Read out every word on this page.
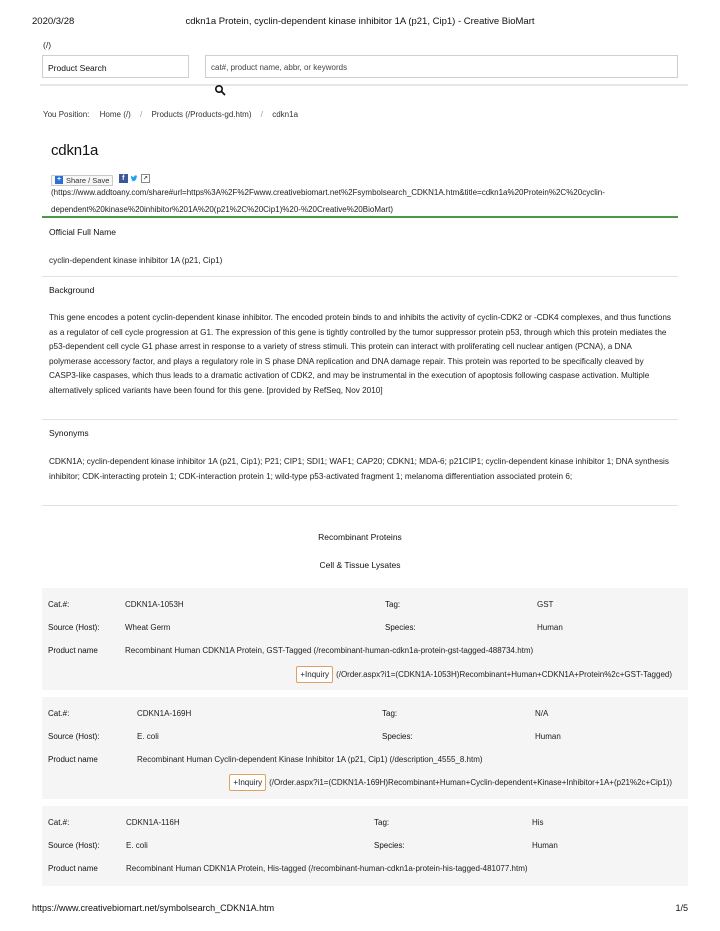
2020/3/28	cdkn1a Protein, cyclin-dependent kinase inhibitor 1A (p21, Cip1) - Creative BioMart
(/)
Product Search	cat#, product name, abbr, or keywords
You Position: Home (/) / Products (/Products-gd.htm) / cdkn1a
cdkn1a
+ Share / Save
	f	↗
(https://www.addtoany.com/share#url=https%3A%2F%2Fwww.creativebiomart.net%2Fsymbolsearch_CDKN1A.htm&title=cdkn1a%20Protein%2C%20cyclin-
dependent%20kinase%20inhibitor%201A%20(p21%2C%20Cip1)%20-%20Creative%20BioMart)
Official Full Name
cyclin-dependent kinase inhibitor 1A (p21, Cip1)
Background
This gene encodes a potent cyclin-dependent kinase inhibitor. The encoded protein binds to and inhibits the activity of cyclin-CDK2 or -CDK4 complexes, and thus functions as a regulator of cell cycle progression at G1. The expression of this gene is tightly controlled by the tumor suppressor protein p53, through which this protein mediates the p53-dependent cell cycle G1 phase arrest in response to a variety of stress stimuli. This protein can interact with proliferating cell nuclear antigen (PCNA), a DNA polymerase accessory factor, and plays a regulatory role in S phase DNA replication and DNA damage repair. This protein was reported to be specifically cleaved by CASP3-like caspases, which thus leads to a dramatic activation of CDK2, and may be instrumental in the execution of apoptosis following caspase activation. Multiple alternatively spliced variants have been found for this gene. [provided by RefSeq, Nov 2010]
Synonyms
CDKN1A; cyclin-dependent kinase inhibitor 1A (p21, Cip1); P21; CIP1; SDI1; WAF1; CAP20; CDKN1; MDA-6; p21CIP1; cyclin-dependent kinase inhibitor 1; DNA synthesis inhibitor; CDK-interacting protein 1; CDK-interaction protein 1; wild-type p53-activated fragment 1; melanoma differentiation associated protein 6;
Recombinant Proteins
Cell & Tissue Lysates
Cat.#:	CDKN1A-1053H	Tag:	GST
Source (Host):	Wheat Germ	Species:	Human
Product name	Recombinant Human CDKN1A Protein, GST-Tagged (/recombinant-human-cdkn1a-protein-gst-tagged-488734.htm)
+Inquiry (/Order.aspx?i1=(CDKN1A-1053H)Recombinant+Human+CDKN1A+Protein%2c+GST-Tagged)
Cat.#:	CDKN1A-169H	Tag:	N/A
Source (Host):	E. coli	Species:	Human
Product name	Recombinant Human Cyclin-dependent Kinase Inhibitor 1A (p21, Cip1) (/description_4555_8.htm)
+Inquiry (/Order.aspx?i1=(CDKN1A-169H)Recombinant+Human+Cyclin-dependent+Kinase+Inhibitor+1A+(p21%2c+Cip1))
Cat.#:	CDKN1A-116H	Tag:	His
Source (Host):	E. coli	Species:	Human
Product name	Recombinant Human CDKN1A Protein, His-tagged (/recombinant-human-cdkn1a-protein-his-tagged-481077.htm)
https://www.creativebiomart.net/symbolsearch_CDKN1A.htm	1/5
